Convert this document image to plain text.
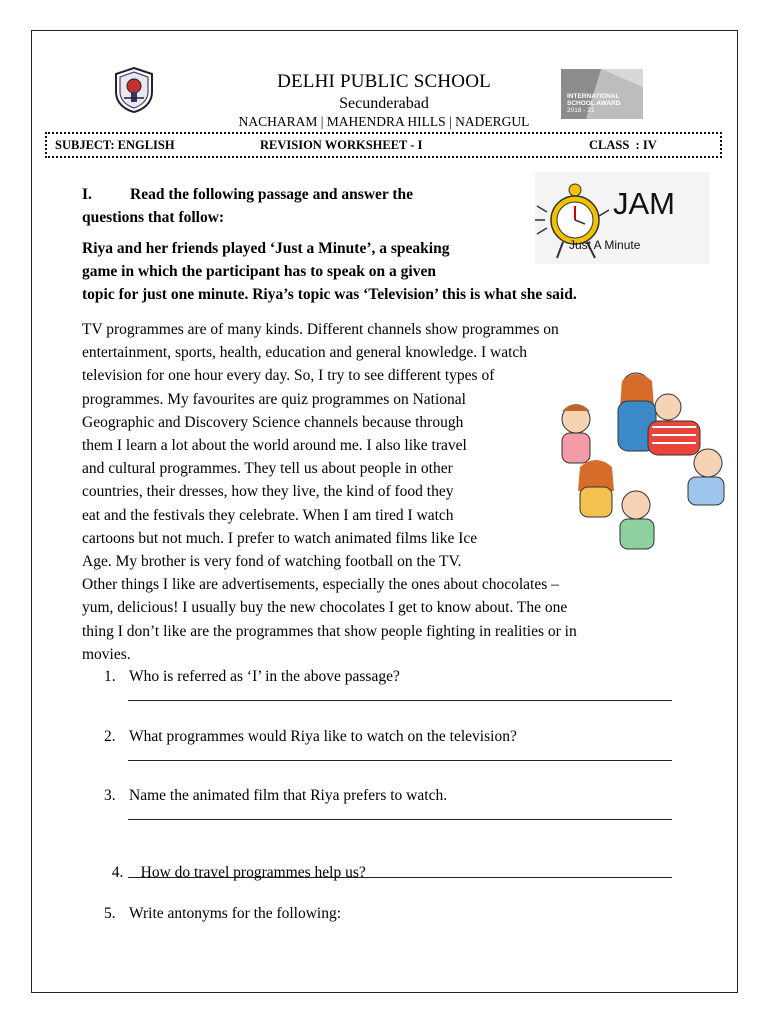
DELHI PUBLIC SCHOOL
Secunderabad
NACHARAM | MAHENDRA HILLS | NADERGUL
INTERNATIONAL
SCHOOL AWARD
2018 - 21
SUBJECT: ENGLISH	REVISION WORKSHEET - I	CLASS  : IV
I. Read the following passage and answer the
questions that follow:	JAM
Just A Minute
Riya and her friends played ‘Just a Minute’, a speaking
game in which the participant has to speak on a given
topic for just one minute. Riya’s topic was ‘Television’ this is what she said.
TV programmes are of many kinds. Different channels show programmes on
entertainment, sports, health, education and general knowledge. I watch
television for one hour every day. So, I try to see different types of
programmes. My favourites are quiz programmes on National
Geographic and Discovery Science channels because through
them I learn a lot about the world around me. I also like travel
and cultural programmes. They tell us about people in other
countries, their dresses, how they live, the kind of food they
eat and the festivals they celebrate. When I am tired I watch
cartoons but not much. I prefer to watch animated films like Ice
Age. My brother is very fond of watching football on the TV.
Other things I like are advertisements, especially the ones about chocolates –
yum, delicious! I usually buy the new chocolates I get to know about. The one
thing I don’t like are the programmes that show people fighting in realities or in
movies.
1. Who is referred as ‘I’ in the above passage?
2. What programmes would Riya like to watch on the television?
3. Name the animated film that Riya prefers to watch.

4. How do travel programmes help us?

5. Write antonyms for the following:
